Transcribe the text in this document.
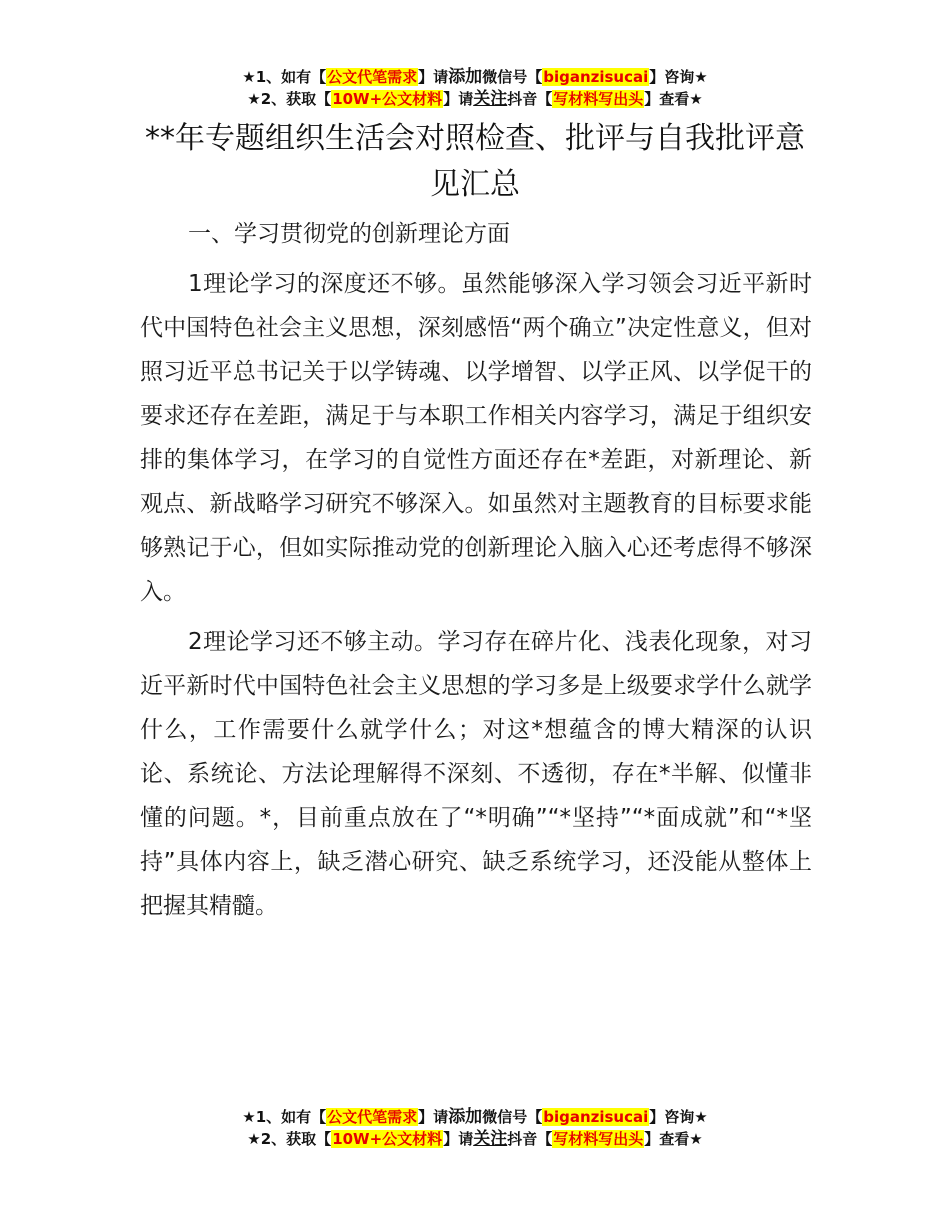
★1、如有【公文代笔需求】请添加微信号【biganzisucai】咨询★
★2、获取【10W+公文材料】请关注抖音【写材料写出头】查看★
**年专题组织生活会对照检查、批评与自我批评意见汇总

一、学习贯彻党的创新理论方面

1理论学习的深度还不够。虽然能够深入学习领会习近平新时代中国特色社会主义思想，深刻感悟“两个确立”决定性意义，但对照习近平总书记关于以学铸魂、以学增智、以学正风、以学促干的要求还存在差距，满足于与本职工作相关内容学习，满足于组织安排的集体学习，在学习的自觉性方面还存在*差距，对新理论、新观点、新战略学习研究不够深入。如虽然对主题教育的目标要求能够熟记于心，但如实际推动党的创新理论入脑入心还考虑得不够深入。

2理论学习还不够主动。学习存在碎片化、浅表化现象，对习近平新时代中国特色社会主义思想的学习多是上级要求学什么就学什么，工作需要什么就学什么；对这*想蕴含的博大精深的认识论、系统论、方法论理解得不深刻、不透彻，存在*半解、似懂非懂的问题。*，目前重点放在了“*明确”“*坚持”“*面成就”和“*坚持”具体内容上，缺乏潜心研究、缺乏系统学习，还没能从整体上把握其精髓。

★1、如有【公文代笔需求】请添加微信号【biganzisucai】咨询★
★2、获取【10W+公文材料】请关注抖音【写材料写出头】查看★
